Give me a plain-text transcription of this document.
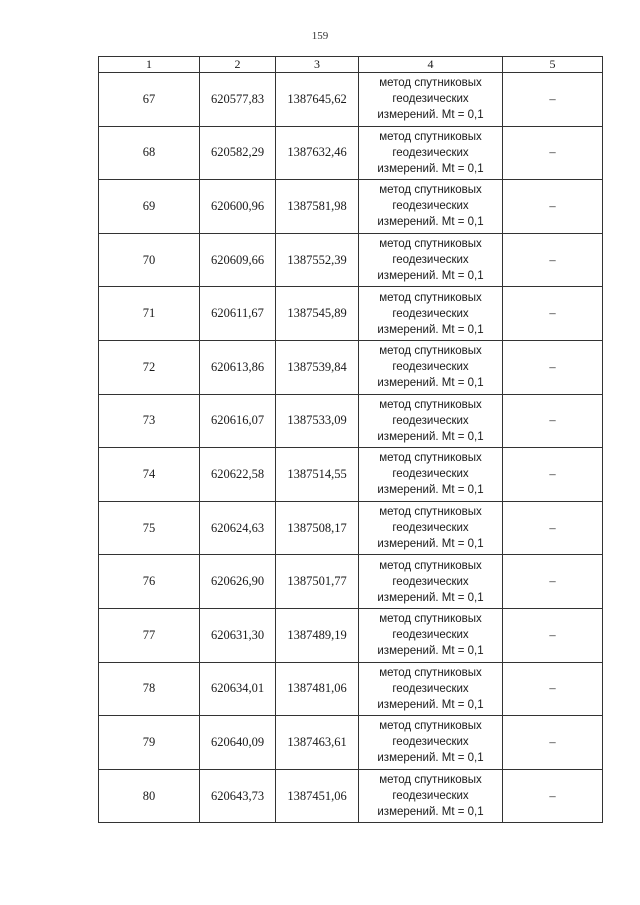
159
1	2	3	4	5
67	620577,83	1387645,62	метод спутниковых
геодезических
измерений. Mt = 0,1	–
68	620582,29	1387632,46	метод спутниковых
геодезических
измерений. Mt = 0,1	–
69	620600,96	1387581,98	метод спутниковых
геодезических
измерений. Mt = 0,1	–
70	620609,66	1387552,39	метод спутниковых
геодезических
измерений. Mt = 0,1	–
71	620611,67	1387545,89	метод спутниковых
геодезических
измерений. Mt = 0,1	–
72	620613,86	1387539,84	метод спутниковых
геодезических
измерений. Mt = 0,1	–
73	620616,07	1387533,09	метод спутниковых
геодезических
измерений. Mt = 0,1	–
74	620622,58	1387514,55	метод спутниковых
геодезических
измерений. Mt = 0,1	–
75	620624,63	1387508,17	метод спутниковых
геодезических
измерений. Mt = 0,1	–
76	620626,90	1387501,77	метод спутниковых
геодезических
измерений. Mt = 0,1	–
77	620631,30	1387489,19	метод спутниковых
геодезических
измерений. Mt = 0,1	–
78	620634,01	1387481,06	метод спутниковых
геодезических
измерений. Mt = 0,1	–
79	620640,09	1387463,61	метод спутниковых
геодезических
измерений. Mt = 0,1	–
80	620643,73	1387451,06	метод спутниковых
геодезических
измерений. Mt = 0,1	–
